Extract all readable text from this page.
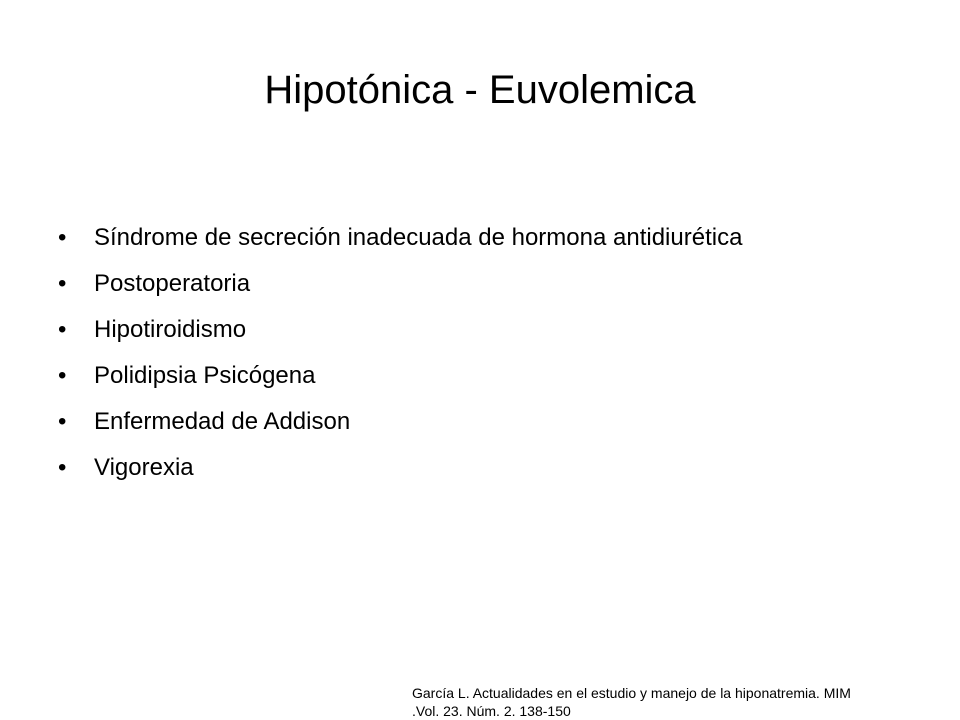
Hipotónica - Euvolemica
•	Síndrome de secreción inadecuada de hormona antidiurética
•	Postoperatoria
•	Hipotiroidismo
•	Polidipsia Psicógena
•	Enfermedad de Addison
•	Vigorexia
García L. Actualidades en el estudio y manejo de la hiponatremia. MIM
.Vol. 23. Núm. 2. 138-150
